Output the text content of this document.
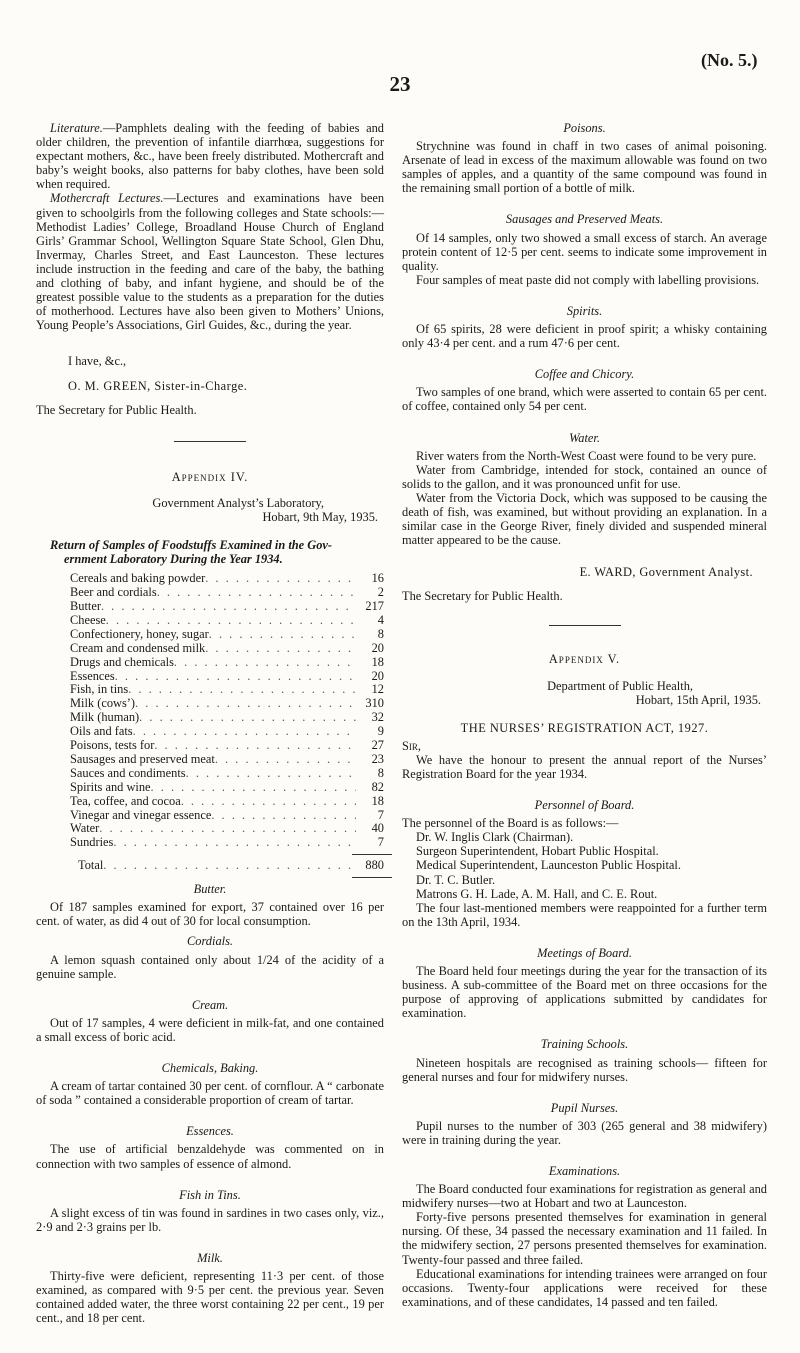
(No. 5.)
23

Literature.—Pamphlets dealing with the feeding of babies and older children, the prevention of infantile diarrhœa, suggestions for expectant mothers, &c., have been freely distributed. Mothercraft and baby’s weight books, also patterns for baby clothes, have been sold when required.

Mothercraft Lectures.—Lectures and examinations have been given to schoolgirls from the following colleges and State schools:—Methodist Ladies’ College, Broadland House Church of England Girls’ Grammar School, Wellington Square State School, Glen Dhu, Invermay, Charles Street, and East Launceston. These lectures include instruction in the feeding and care of the baby, the bathing and clothing of baby, and infant hygiene, and should be of the greatest possible value to the students as a preparation for the duties of motherhood. Lectures have also been given to Mothers’ Unions, Young People’s Associations, Girl Guides, &c., during the year.

I have, &c.,

O. M. GREEN, Sister-in-Charge.

The Secretary for Public Health.

Appendix IV.

Government Analyst’s Laboratory,

Hobart, 9th May, 1935.

Return of Samples of Foodstuffs Examined in the Gov-
ernment Laboratory During the Year 1934.

Cereals and baking powder . . .	16
Beer and cordials . . .	2
Butter . . .	217
Cheese . . .	4
Confectionery, honey, sugar . . .	8
Cream and condensed milk . . .	20
Drugs and chemicals . . .	18
Essences . . .	20
Fish, in tins . . .	12
Milk (cows’) . . .	310
Milk (human) . . .	32
Oils and fats . . .	9
Poisons, tests for . . .	27
Sausages and preserved meat . . .	23
Sauces and condiments . . .	8
Spirits and wine . . .	82
Tea, coffee, and cocoa . . .	18
Vinegar and vinegar essence . . .	7
Water . . .	40
Sundries . . .	7
Total . . .	880

Butter.

Of 187 samples examined for export, 37 contained over 16 per cent. of water, as did 4 out of 30 for local consumption.

Cordials.

A lemon squash contained only about 1/24 of the acidity of a genuine sample.

Cream.

Out of 17 samples, 4 were deficient in milk-fat, and one contained a small excess of boric acid.

Chemicals, Baking.

A cream of tartar contained 30 per cent. of cornflour. A “ carbonate of soda ” contained a considerable proportion of cream of tartar.

Essences.

The use of artificial benzaldehyde was commented on in connection with two samples of essence of almond.

Fish in Tins.

A slight excess of tin was found in sardines in two cases only, viz., 2·9 and 2·3 grains per lb.

Milk.

Thirty-five were deficient, representing 11·3 per cent. of those examined, as compared with 9·5 per cent. the previous year. Seven contained added water, the three worst containing 22 per cent., 19 per cent., and 18 per cent.

Poisons.

Strychnine was found in chaff in two cases of animal poisoning. Arsenate of lead in excess of the maximum allowable was found on two samples of apples, and a quantity of the same compound was found in the remaining small portion of a bottle of milk.

Sausages and Preserved Meats.

Of 14 samples, only two showed a small excess of starch. An average protein content of 12·5 per cent. seems to indicate some improvement in quality.

Four samples of meat paste did not comply with labelling provisions.

Spirits.

Of 65 spirits, 28 were deficient in proof spirit; a whisky containing only 43·4 per cent. and a rum 47·6 per cent.

Coffee and Chicory.

Two samples of one brand, which were asserted to contain 65 per cent. of coffee, contained only 54 per cent.

Water.

River waters from the North-West Coast were found to be very pure.

Water from Cambridge, intended for stock, contained an ounce of solids to the gallon, and it was pronounced unfit for use.

Water from the Victoria Dock, which was supposed to be causing the death of fish, was examined, but without providing an explanation. In a similar case in the George River, finely divided and suspended mineral matter appeared to be the cause.

E. WARD, Government Analyst.

The Secretary for Public Health.

Appendix V.

Department of Public Health,

Hobart, 15th April, 1935.

THE NURSES’ REGISTRATION ACT, 1927.

Sir,

We have the honour to present the annual report of the Nurses’ Registration Board for the year 1934.

Personnel of Board.

The personnel of the Board is as follows:—

Dr. W. Inglis Clark (Chairman).

Surgeon Superintendent, Hobart Public Hospital.

Medical Superintendent, Launceston Public Hospital.

Dr. T. C. Butler.

Matrons G. H. Lade, A. M. Hall, and C. E. Rout.

The four last-mentioned members were reappointed for a further term on the 13th April, 1934.

Meetings of Board.

The Board held four meetings during the year for the transaction of its business. A sub-committee of the Board met on three occasions for the purpose of approving of applications submitted by candidates for examination.

Training Schools.

Nineteen hospitals are recognised as training schools— fifteen for general nurses and four for midwifery nurses.

Pupil Nurses.

Pupil nurses to the number of 303 (265 general and 38 midwifery) were in training during the year.

Examinations.

The Board conducted four examinations for registration as general and midwifery nurses—two at Hobart and two at Launceston.

Forty-five persons presented themselves for examination in general nursing. Of these, 34 passed the necessary examination and 11 failed. In the midwifery section, 27 persons presented themselves for examination. Twenty-four passed and three failed.

Educational examinations for intending trainees were arranged on four occasions. Twenty-four applications were received for these examinations, and of these candidates, 14 passed and ten failed.
